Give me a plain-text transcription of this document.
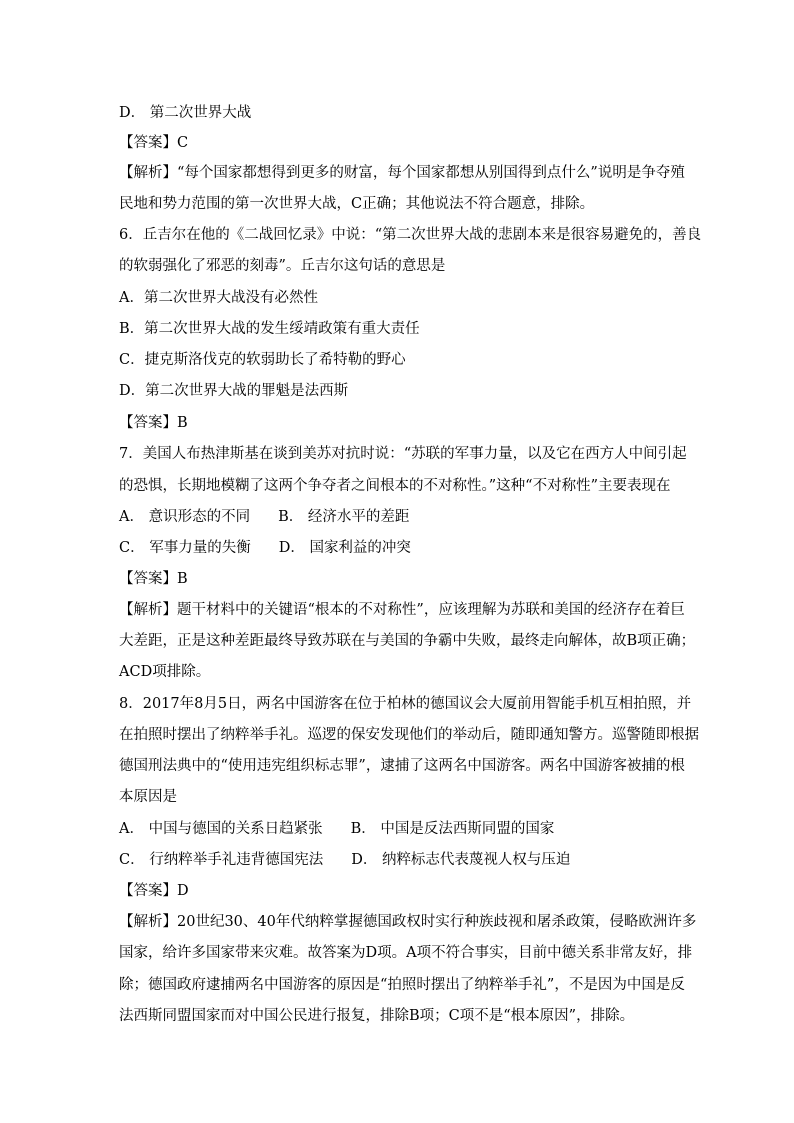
D． 第二次世界大战
【答案】C
【解析】“每个国家都想得到更多的财富，每个国家都想从别国得到点什么”说明是争夺殖
民地和势力范围的第一次世界大战，C正确；其他说法不符合题意，排除。
6．丘吉尔在他的《二战回忆录》中说：“第二次世界大战的悲剧本来是很容易避免的，善良
的软弱强化了邪恶的刻毒”。丘吉尔这句话的意思是
A．第二次世界大战没有必然性
B．第二次世界大战的发生绥靖政策有重大责任
C．捷克斯洛伐克的软弱助长了希特勒的野心
D．第二次世界大战的罪魁是法西斯
【答案】B
7．美国人布热津斯基在谈到美苏对抗时说：“苏联的军事力量，以及它在西方人中间引起
的恐惧，长期地模糊了这两个争夺者之间根本的不对称性。”这种“不对称性”主要表现在
A． 意识形态的不同 B． 经济水平的差距
C． 军事力量的失衡 D． 国家利益的冲突
【答案】B
【解析】题干材料中的关键语“根本的不对称性”，应该理解为苏联和美国的经济存在着巨
大差距，正是这种差距最终导致苏联在与美国的争霸中失败，最终走向解体，故B项正确；
ACD项排除。
8．2017年8月5日，两名中国游客在位于柏林的德国议会大厦前用智能手机互相拍照，并
在拍照时摆出了纳粹举手礼。巡逻的保安发现他们的举动后，随即通知警方。巡警随即根据
德国刑法典中的“使用违宪组织标志罪”，逮捕了这两名中国游客。两名中国游客被捕的根
本原因是
A． 中国与德国的关系日趋紧张 B． 中国是反法西斯同盟的国家
C． 行纳粹举手礼违背德国宪法 D． 纳粹标志代表蔑视人权与压迫
【答案】D
【解析】20世纪30、40年代纳粹掌握德国政权时实行种族歧视和屠杀政策，侵略欧洲许多
国家，给许多国家带来灾难。故答案为D项。A项不符合事实，目前中德关系非常友好，排
除；德国政府逮捕两名中国游客的原因是“拍照时摆出了纳粹举手礼”，不是因为中国是反
法西斯同盟国家而对中国公民进行报复，排除B项；C项不是“根本原因”，排除。
